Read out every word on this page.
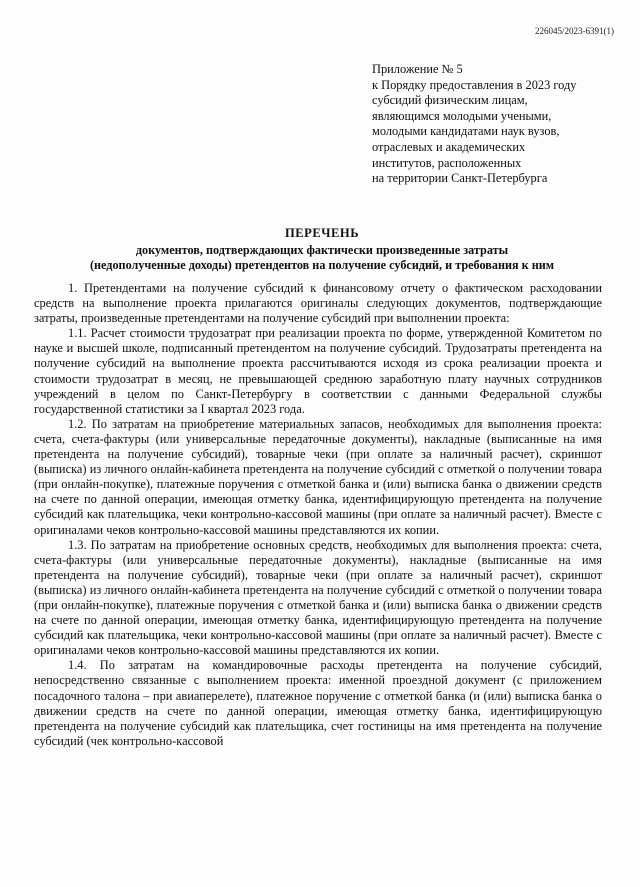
226045/2023-6391(1)
Приложение № 5
к Порядку предоставления в 2023 году
субсидий физическим лицам,
являющимся молодыми учеными,
молодыми кандидатами наук вузов,
отраслевых и академических
институтов, расположенных
на территории Санкт-Петербурга
ПЕРЕЧЕНЬ
документов, подтверждающих фактически произведенные затраты
(недополученные доходы) претендентов на получение субсидий, и требования к ним

1. Претендентами на получение субсидий к финансовому отчету о фактическом расходовании средств на выполнение проекта прилагаются оригиналы следующих документов, подтверждающие затраты, произведенные претендентами на получение субсидий при выполнении проекта:

1.1. Расчет стоимости трудозатрат при реализации проекта по форме, утвержденной Комитетом по науке и высшей школе, подписанный претендентом на получение субсидий. Трудозатраты претендента на получение субсидий на выполнение проекта рассчитываются исходя из срока реализации проекта и стоимости трудозатрат в месяц, не превышающей среднюю заработную плату научных сотрудников учреждений в целом по Санкт-Петербургу в соответствии с данными Федеральной службы государственной статистики за I квартал 2023 года.

1.2. По затратам на приобретение материальных запасов, необходимых для выполнения проекта: счета, счета-фактуры (или универсальные передаточные документы), накладные (выписанные на имя претендента на получение субсидий), товарные чеки (при оплате за наличный расчет), скриншот (выписка) из личного онлайн-кабинета претендента на получение субсидий с отметкой о получении товара (при онлайн-покупке), платежные поручения с отметкой банка и (или) выписка банка о движении средств на счете по данной операции, имеющая отметку банка, идентифицирующую претендента на получение субсидий как плательщика, чеки контрольно-кассовой машины (при оплате за наличный расчет). Вместе с оригиналами чеков контрольно-кассовой машины представляются их копии.

1.3. По затратам на приобретение основных средств, необходимых для выполнения проекта: счета, счета-фактуры (или универсальные передаточные документы), накладные (выписанные на имя претендента на получение субсидий), товарные чеки (при оплате за наличный расчет), скриншот (выписка) из личного онлайн-кабинета претендента на получение субсидий с отметкой о получении товара (при онлайн-покупке), платежные поручения с отметкой банка и (или) выписка банка о движении средств на счете по данной операции, имеющая отметку банка, идентифицирующую претендента на получение субсидий как плательщика, чеки контрольно-кассовой машины (при оплате за наличный расчет). Вместе с оригиналами чеков контрольно-кассовой машины представляются их копии.

1.4. По затратам на командировочные расходы претендента на получение субсидий, непосредственно связанные с выполнением проекта: именной проездной документ (с приложением посадочного талона – при авиаперелете), платежное поручение с отметкой банка (и (или) выписка банка о движении средств на счете по данной операции, имеющая отметку банка, идентифицирующую претендента на получение субсидий как плательщика, счет гостиницы на имя претендента на получение субсидий (чек контрольно-кассовой
